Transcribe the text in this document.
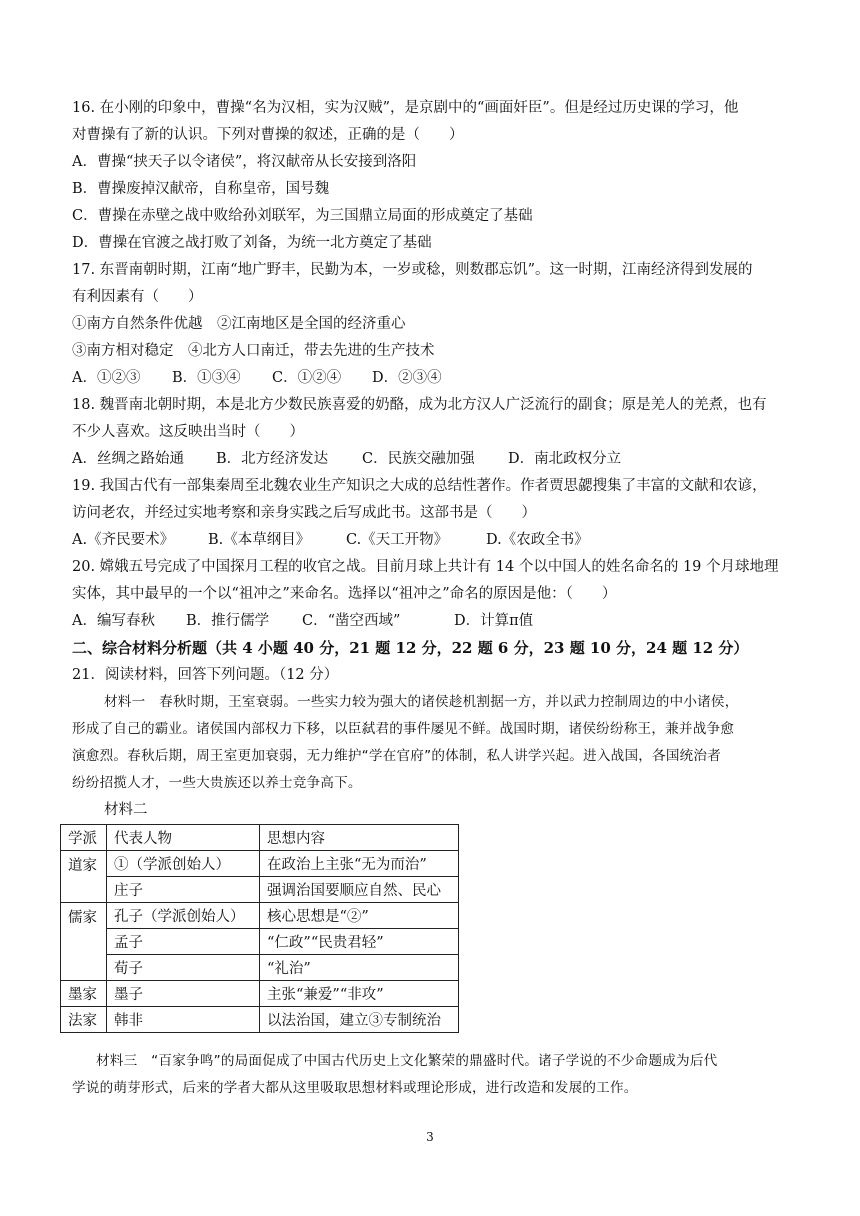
16. 在小刚的印象中，曹操“名为汉相，实为汉贼”，是京剧中的“画面奸臣”。但是经过历史课的学习，他
对曹操有了新的认识。下列对曹操的叙述，正确的是（　　）
A．曹操“挟天子以令诸侯”，将汉献帝从长安接到洛阳
B．曹操废掉汉献帝，自称皇帝，国号魏
C．曹操在赤壁之战中败给孙刘联军，为三国鼎立局面的形成奠定了基础
D．曹操在官渡之战打败了刘备，为统一北方奠定了基础
17. 东晋南朝时期，江南“地广野丰，民勤为本，一岁或稔，则数郡忘饥”。这一时期，江南经济得到发展的
有利因素有（　　）
①南方自然条件优越　②江南地区是全国的经济重心
③南方相对稳定　④北方人口南迁，带去先进的生产技术
A．①②③ B．①③④ C．①②④ D．②③④
18. 魏晋南北朝时期，本是北方少数民族喜爱的奶酪，成为北方汉人广泛流行的副食；原是羌人的羌煮，也有
不少人喜欢。这反映出当时（　　）
A．丝绸之路始通 B．北方经济发达 C．民族交融加强 D．南北政权分立
19. 我国古代有一部集秦周至北魏农业生产知识之大成的总结性著作。作者贾思勰搜集了丰富的文献和农谚，
访问老农，并经过实地考察和亲身实践之后写成此书。这部书是（　　）
A.《齐民要术》 B.《本草纲目》 C.《天工开物》	D.《农政全书》
20. 嫦娥五号完成了中国探月工程的收官之战。目前月球上共计有 14 个以中国人的姓名命名的 19 个月球地理
实体，其中最早的一个以“祖冲之”来命名。选择以“祖冲之”命名的原因是他：（　　）
A．编写春秋 B．推行儒学 C．“凿空西域”	D．计算π值
二、综合材料分析题（共 4 小题 40 分，21 题 12 分，22 题 6 分，23 题 10 分，24 题 12 分）
21．阅读材料，回答下列问题。（12 分）
材料一　春秋时期，王室衰弱。一些实力较为强大的诸侯趁机割据一方，并以武力控制周边的中小诸侯，
形成了自己的霸业。诸侯国内部权力下移，以臣弑君的事件屡见不鲜。战国时期，诸侯纷纷称王，兼并战争愈
演愈烈。春秋后期，周王室更加衰弱，无力维护“学在官府”的体制，私人讲学兴起。进入战国，各国统治者
纷纷招揽人才，一些大贵族还以养士竞争高下。
材料二
学派	代表人物	思想内容
道家	①（学派创始人）	在政治上主张“无为而治”
	庄子	强调治国要顺应自然、民心
儒家	孔子（学派创始人）	核心思想是“②”
	孟子	“仁政”“民贵君轻”
	荀子	“礼治”
墨家	墨子	主张“兼爱”“非攻”
法家	韩非	以法治国，建立③专制统治
材料三　“百家争鸣”的局面促成了中国古代历史上文化繁荣的鼎盛时代。诸子学说的不少命题成为后代
学说的萌芽形式，后来的学者大都从这里吸取思想材料或理论形成，进行改造和发展的工作。
3
